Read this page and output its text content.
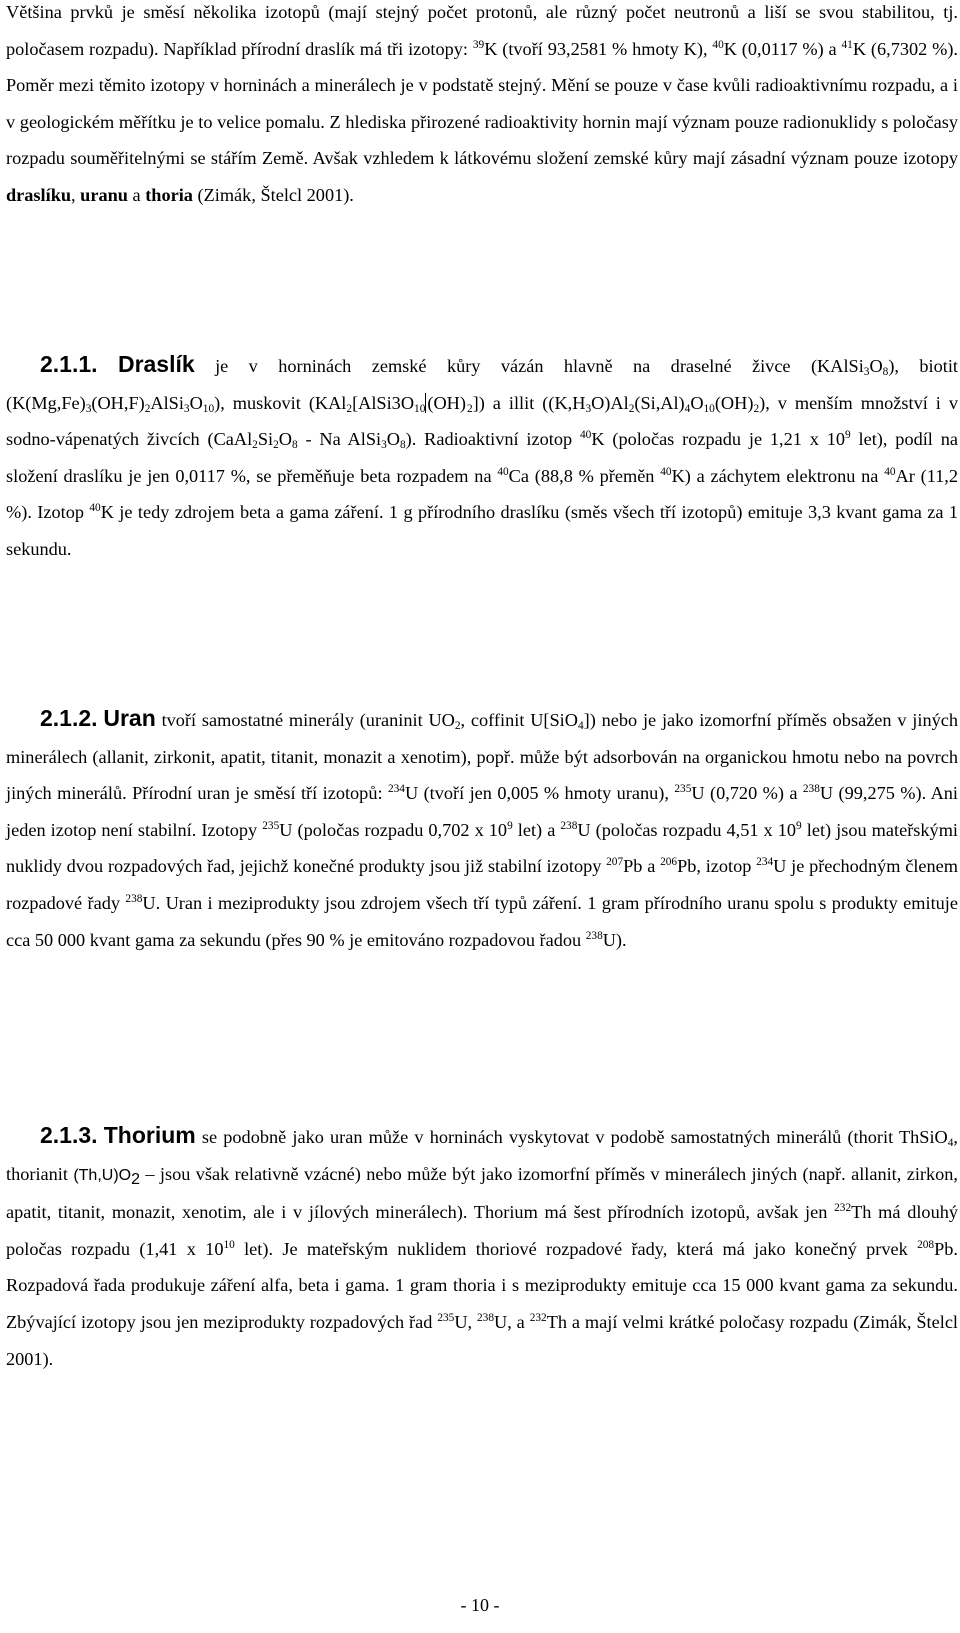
Většina prvků je směsí několika izotopů (mají stejný počet protonů, ale různý počet neutronů a liší se svou stabilitou, tj. poločasem rozpadu). Například přírodní draslík má tři izotopy: $^{39}$K (tvoří 93,2581 % hmoty K), $^{40}$K (0,0117 %) a $^{41}$K (6,7302 %). Poměr mezi těmito izotopy v horninách a minerálech je v podstatě stejný. Mění se pouze v čase kvůli radioaktivnímu rozpadu, a i v geologickém měřítku je to velice pomalu. Z hlediska přirozené radioaktivity hornin mají význam pouze radionuklidy s poločasy rozpadu souměřitelnými se stářím Země. Avšak vzhledem k látkovému složení zemské kůry mají zásadní význam pouze izotopy draslíku, uranu a thoria (Zimák, Štelcl 2001).

2.1.1. Draslík je v horninách zemské kůry vázán hlavně na draselné živce $(KAlSi_3O_8)$, biotit $(K(Mg,Fe)_3(OH,F)_2AlSi_3O_{10})$, muskovit ($KAl_2[AlSi3O_{10}$ $(OH)_2$]) a illit $((K,H_3O)Al_2(Si,Al)_4O_{10}(OH)_2)$, v menším množství i v sodno-vápenatých živcích ($CaAl_2Si_2O_8$ - Na $AlSi_3O_8$). Radioaktivní izotop $^{40}$K (poločas rozpadu je 1,21 x $10^9$ let), podíl na složení draslíku je jen 0,0117 %, se přeměňuje beta rozpadem na $^{40}$Ca (88,8 % přeměn $^{40}$K) a záchytem elektronu na $^{40}$Ar (11,2 %). Izotop $^{40}$K je tedy zdrojem beta a gama záření. 1 g přírodního draslíku (směs všech tří izotopů) emituje 3,3 kvant gama za 1 sekundu.

2.1.2. Uran tvoří samostatné minerály (uraninit $UO_2$, coffinit U[SiO$_4$]) nebo je jako izomorfní příměs obsažen v jiných minerálech (allanit, zirkonit, apatit, titanit, monazit a xenotim), popř. může být adsorbován na organickou hmotu nebo na povrch jiných minerálů. Přírodní uran je směsí tří izotopů: $^{234}$U (tvoří jen 0,005 % hmoty uranu), $^{235}$U (0,720 %) a $^{238}$U (99,275 %). Ani jeden izotop není stabilní. Izotopy $^{235}$U (poločas rozpadu 0,702 x $10^9$ let) a $^{238}$U (poločas rozpadu 4,51 x $10^9$ let) jsou mateřskými nuklidy dvou rozpadových řad, jejichž konečné produkty jsou již stabilní izotopy $^{207}$Pb a $^{206}$Pb, izotop $^{234}$U je přechodným členem rozpadové řady $^{238}$U. Uran i meziprodukty jsou zdrojem všech tří typů záření. 1 gram přírodního uranu spolu s produkty emituje cca 50 000 kvant gama za sekundu (přes 90 % je emitováno rozpadovou řadou $^{238}$U).

2.1.3. Thorium se podobně jako uran může v horninách vyskytovat v podobě samostatných minerálů (thorit ThSiO$_4$, thorianit $(Th,U)O_2$ – jsou však relativně vzácné) nebo může být jako izomorfní příměs v minerálech jiných (např. allanit, zirkon, apatit, titanit, monazit, xenotim, ale i v jílových minerálech). Thorium má šest přírodních izotopů, avšak jen $^{232}$Th má dlouhý poločas rozpadu (1,41 x $10^{10}$ let). Je mateřským nuklidem thoriové rozpadové řady, která má jako konečný prvek $^{208}$Pb. Rozpadová řada produkuje záření alfa, beta i gama. 1 gram thoria i s meziprodukty emituje cca 15 000 kvant gama za sekundu. Zbývající izotopy jsou jen meziprodukty rozpadových řad $^{235}$U, $^{238}$U, a $^{232}$Th a mají velmi krátké poločasy rozpadu (Zimák, Štelcl 2001).

- 10 -
